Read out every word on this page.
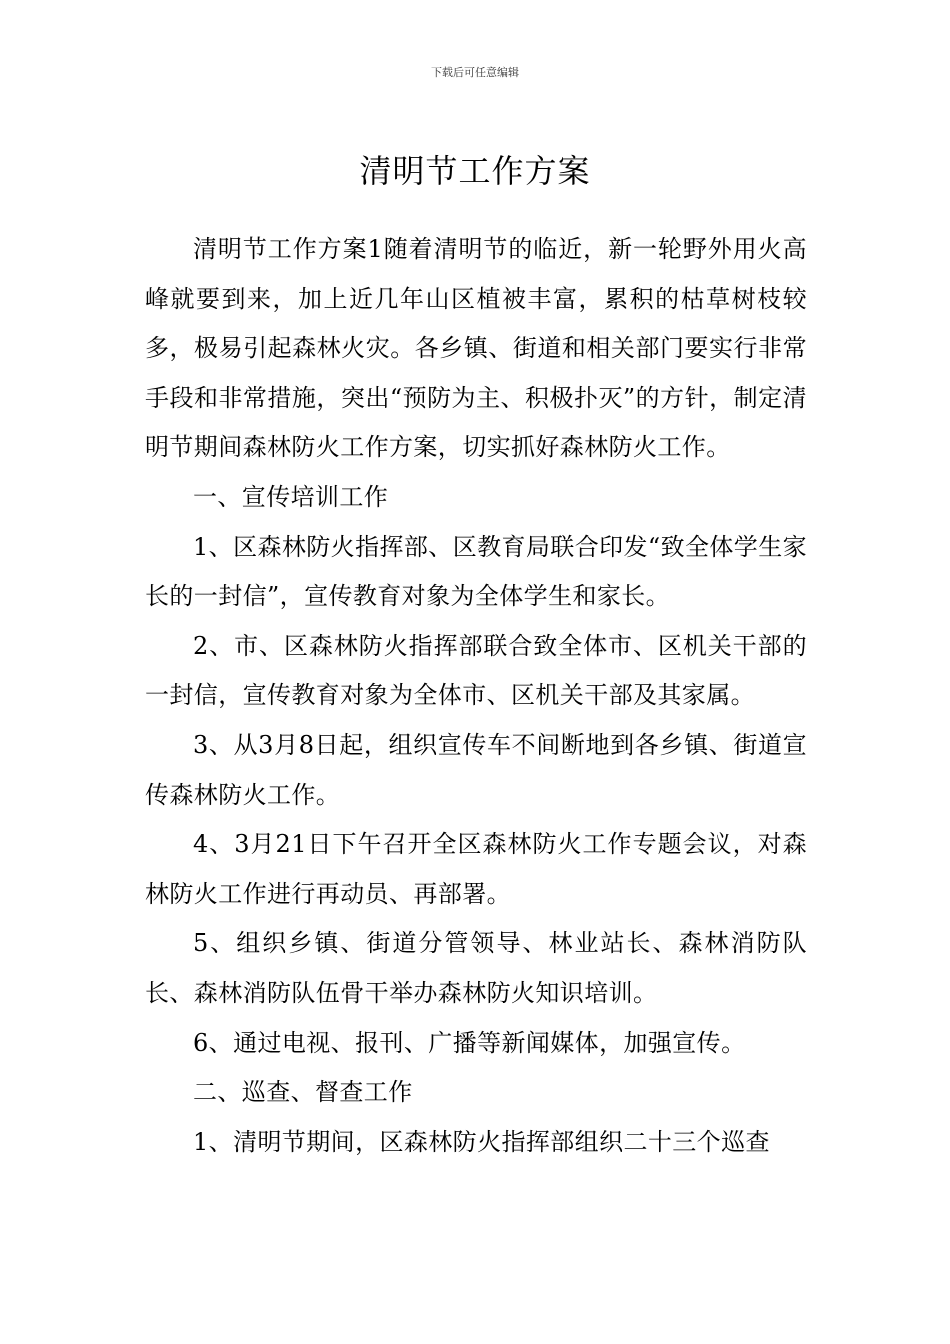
下载后可任意编辑
清明节工作方案

清明节工作方案1随着清明节的临近，新一轮野外用火高峰就要到来，加上近几年山区植被丰富，累积的枯草树枝较多，极易引起森林火灾。各乡镇、街道和相关部门要实行非常手段和非常措施，突出“预防为主、积极扑灭”的方针，制定清明节期间森林防火工作方案，切实抓好森林防火工作。

一、宣传培训工作

1、区森林防火指挥部、区教育局联合印发“致全体学生家长的一封信”，宣传教育对象为全体学生和家长。

2、市、区森林防火指挥部联合致全体市、区机关干部的一封信，宣传教育对象为全体市、区机关干部及其家属。

3、从3月8日起，组织宣传车不间断地到各乡镇、街道宣传森林防火工作。

4、3月21日下午召开全区森林防火工作专题会议，对森林防火工作进行再动员、再部署。

5、组织乡镇、街道分管领导、林业站长、森林消防队长、森林消防队伍骨干举办森林防火知识培训。

6、通过电视、报刊、广播等新闻媒体，加强宣传。

二、巡查、督查工作

1、清明节期间，区森林防火指挥部组织二十三个巡查
